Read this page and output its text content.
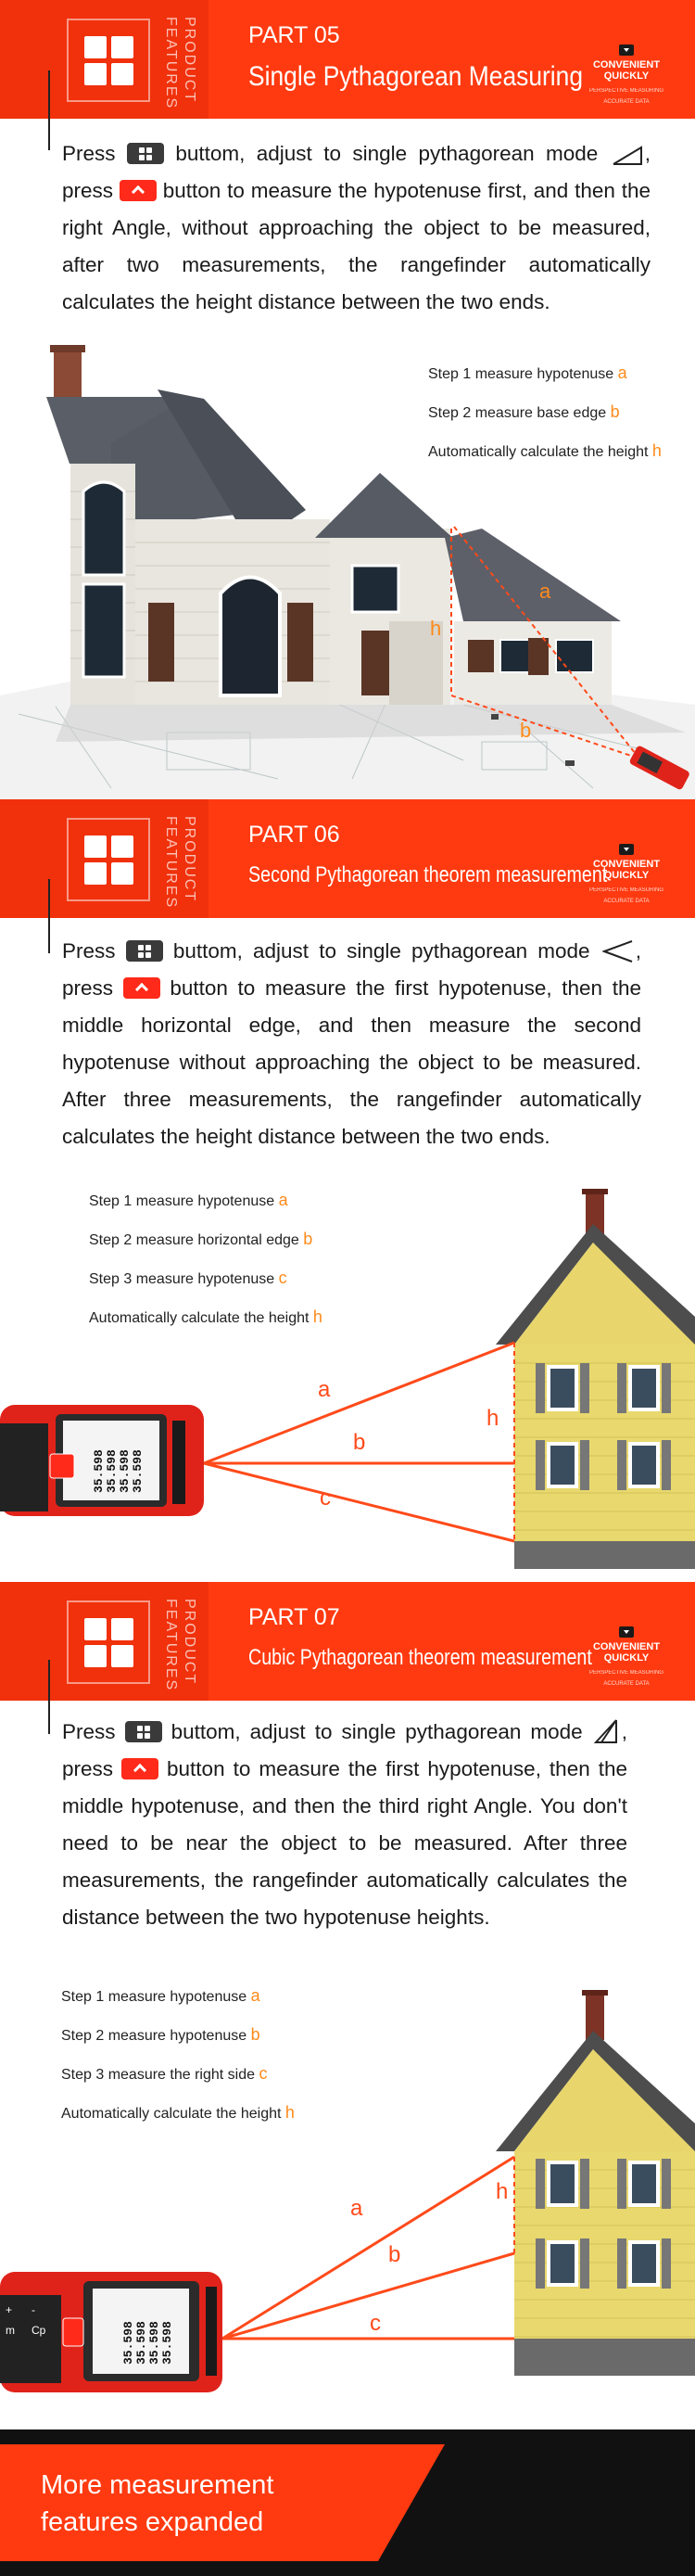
PRODUCT
FEATURES	PART 05
Single Pythagorean Measuring CONVENIENT QUICKLY
PERSPECTIVE MEASURING ACCURATE DATA

Press	buttom, adjust to single pythagorean mode , press button to measure the hypotenuse first, and then the right Angle, without approaching the object to be measured, after two measurements, the rangefinder automatically calculates the height distance between the two ends.

a
b
h
Step 1 measure hypotenuse a
Step 2 measure base edge b
Automatically calculate the height h
PRODUCT
FEATURES	PART 06
Second Pythagorean theorem measurement
CONVENIENT QUICKLY
PERSPECTIVE MEASURING ACCURATE DATA

Press	buttom, adjust to single pythagorean mode , press	button to measure the first hypotenuse, then the middle horizontal edge, and then measure the second hypotenuse without approaching the object to be measured. After three measurements, the rangefinder automatically calculates the height distance between the two ends.

35.598 35.598 35.598 35.598
a
b
c
h
Step 1 measure hypotenuse a
Step 2 measure horizontal edge b
Step 3 measure hypotenuse c
Automatically calculate the height h
PRODUCT
FEATURES	PART 07
Cubic Pythagorean theorem measurement CONVENIENT QUICKLY
PERSPECTIVE MEASURING ACCURATE DATA

Press	buttom, adjust to single pythagorean mode , press	button to measure the first hypotenuse, then the middle hypotenuse, and then the third right Angle. You don't need to be near the object to be measured. After three measurements, the rangefinder automatically calculates the distance between the two hypotenuse heights.

35.598 35.598 35.598 35.598
+	-
m	Cp
a
b
c
h
Step 1 measure hypotenuse a
Step 2 measure hypotenuse b
Step 3 measure the right side c
Automatically calculate the height h
More measurement
features expanded
